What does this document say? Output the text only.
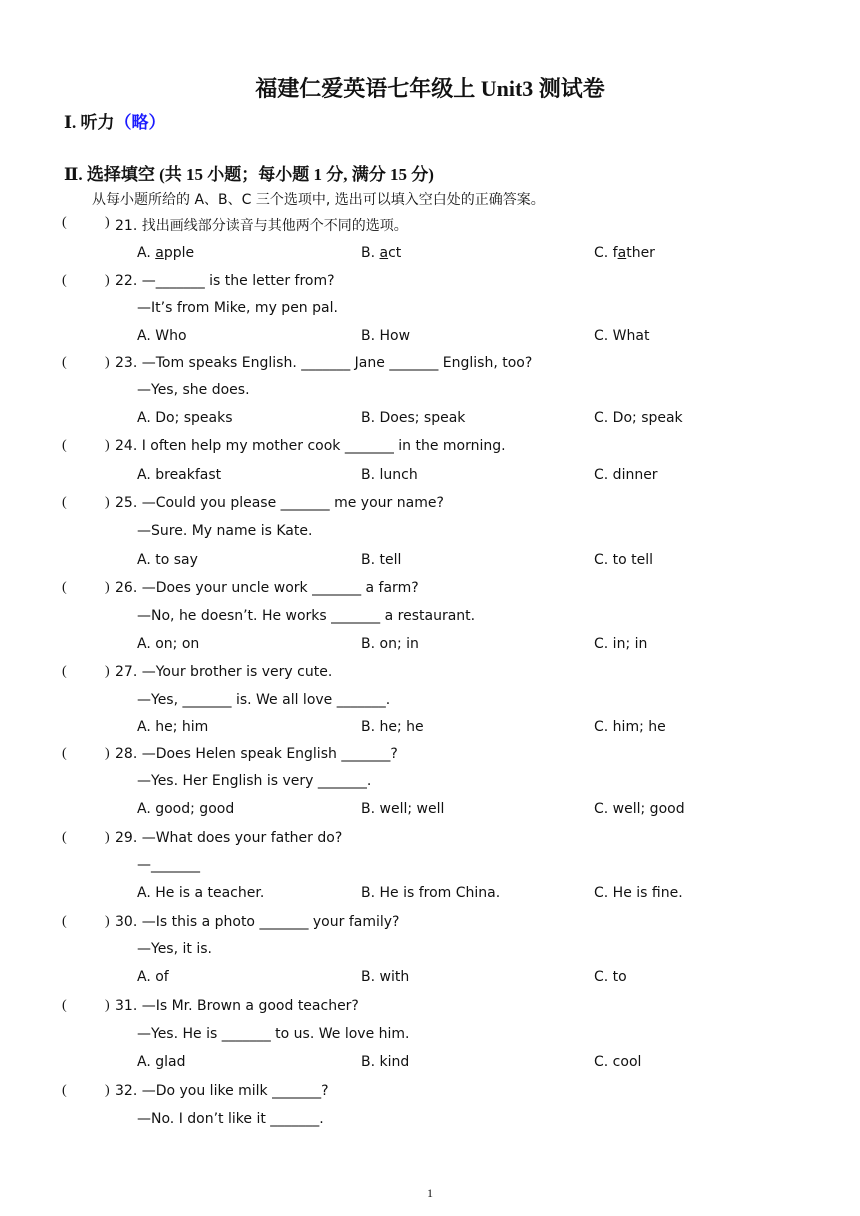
福建仁爱英语七年级上 Unit3 测试卷
Ⅰ. 听力（略）
Ⅱ. 选择填空 (共 15 小题；每小题 1 分, 满分 15 分)
从每小题所给的 A、B、C 三个选项中, 选出可以填入空白处的正确答案。
(	) 21. 找出画线部分读音与其他两个不同的选项。
A. apple	B. act	C. father
(	) 22. —_______ is the letter from?
—It’s from Mike, my pen pal.
A. Who	B. How	C. What
(	) 23. —Tom speaks English. _______ Jane _______ English, too?
—Yes, she does.
A. Do; speaks	B. Does; speak	C. Do; speak
(	) 24. I often help my mother cook _______ in the morning.
A. breakfast	B. lunch	C. dinner
(	) 25. —Could you please _______ me your name?
—Sure. My name is Kate.
A. to say	B. tell	C. to tell
(	) 26. —Does your uncle work _______ a farm?
—No, he doesn’t. He works _______ a restaurant.
A. on; on	B. on; in	C. in; in
(	) 27. —Your brother is very cute.
—Yes, _______ is. We all love _______.
A. he; him	B. he; he	C. him; he
(	) 28. —Does Helen speak English _______?
—Yes. Her English is very _______.
A. good; good	B. well; well	C. well; good
(	) 29. —What does your father do?
—_______
A. He is a teacher.	B. He is from China.	C. He is fine.
(	) 30. —Is this a photo _______ your family?
—Yes, it is.
A. of	B. with	C. to
(	) 31. —Is Mr. Brown a good teacher?
—Yes. He is _______ to us. We love him.
A. glad	B. kind	C. cool
(	) 32. —Do you like milk _______?
—No. I don’t like it _______.
1
